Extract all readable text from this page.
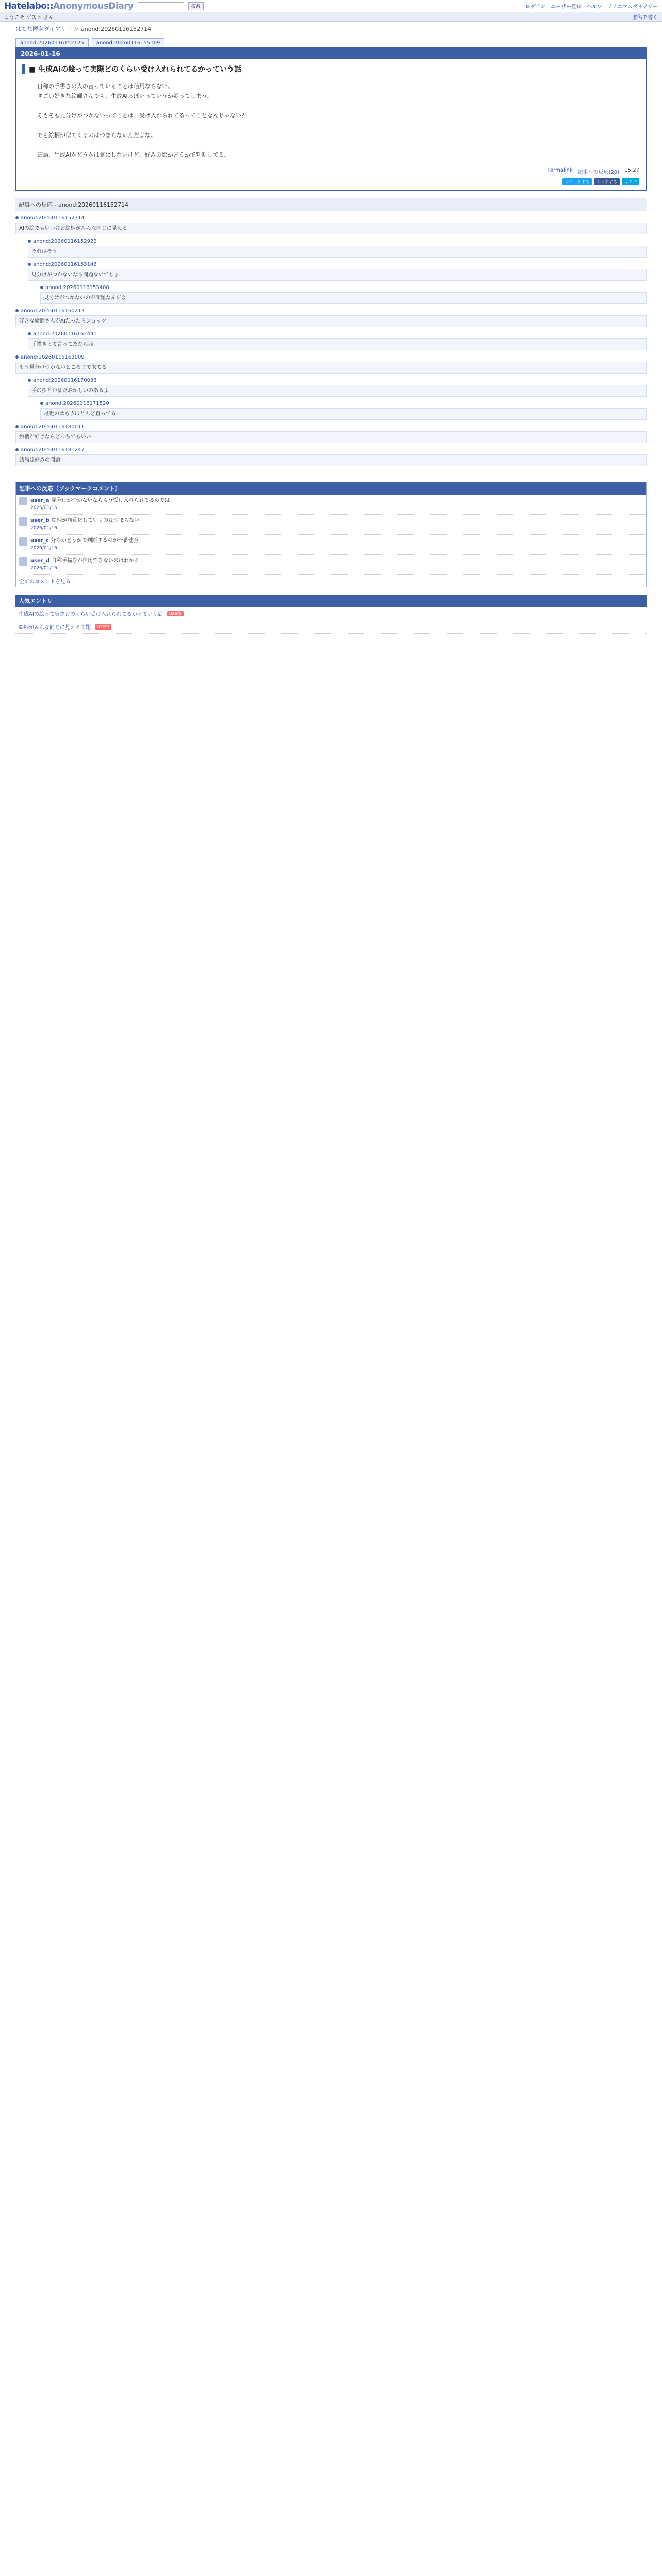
Hatelabo::AnonymousDiary	検索	ログイン ユーザー登録 ヘルプ アノニマスダイアリー
ようこそ ゲスト さん	匿名で書く
はてな匿名ダイアリー ＞ anond:20260116152714
anond:20260116152125	anond:20260116155109
2026-01-16
■ 生成AIの絵って実際どのくらい受け入れられてるかっていう話

自称の手書きの人の言っていることは信用ならない。

すごい好きな絵師さんでも、生成AIっぽいっていうか疑ってしまう。

そもそも見分けがつかないってことは、受け入れられてるってことなんじゃない？

でも絵柄が似てくるのはつまらないんだよな。

結局、生成AIかどうかは気にしないけど、好みの絵かどうかで判断してる。

Permalink 記事への反応(20) 15:27
ツイートする	シェアする	はてブ
記事への反応 - anond:20260116152714
anond:20260116152714
AIの絵でもいいけど絵柄がみんな同じに見える
anond:20260116152922
それはそう
anond:20260116153146
見分けがつかないなら問題ないでしょ
anond:20260116153408
見分けがつかないのが問題なんだよ
anond:20260116160213
好きな絵師さんがAIだったらショック
anond:20260116162441
手描きって言ってたならね
anond:20260116163009
もう見分けつかないところまで来てる
anond:20260116170033
手の指とかまだおかしいのあるよ
anond:20260116171520
最近のはもうほとんど直ってる
anond:20260116180011
絵柄が好きならどっちでもいい
anond:20260116181247
結局は好みの問題
記事への反応（ブックマークコメント）
user_a 見分けがつかないならもう受け入れられてるのでは
2026/01/16
user_b 絵柄が均質化していくのはつまらない
2026/01/16
user_c 好みかどうかで判断するのが一番健全
2026/01/16
user_d 自称手描きが信用できないのはわかる
2026/01/16
全てのコメントを見る
人気エントリ
生成AIの絵って実際どのくらい受け入れられてるかっていう話	users
絵柄がみんな同じに見える問題	users
